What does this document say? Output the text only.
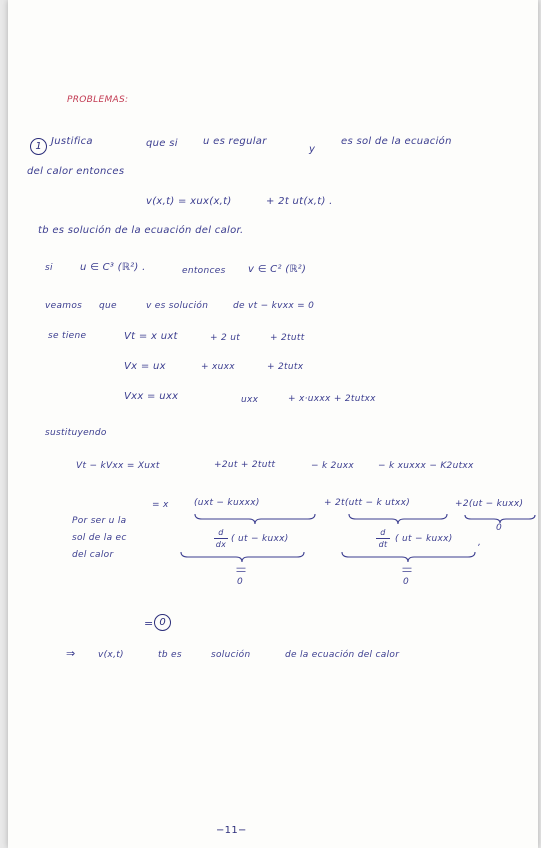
PROBLEMAS:
1 Justifica	que si	u es regular
y
es sol de la ecuación
del calor entonces
v(x,t) = xux(x,t)	+ 2t ut(x,t) .
tb es solución de la ecuación del calor.
si	u ∈ C³ (ℝ²) .	entonces v ∈ C² (ℝ²)
veamos que	v es solución	de vt − kvxx = 0
se tiene	Vt = x uxt	+ 2 ut	+ 2tutt
Vx = ux	+ xuxx	+ 2tutx
Vxx = uxx	uxx	+ x·uxxx + 2tutxx
sustituyendo
Vt − kVxx = Xuxt	+2ut + 2tutt	− k 2uxx	− k xuxxx − K2utxx
= x	(uxt − kuxxx)	+ 2t(utt − k utxx)	+2(ut − kuxx)
0
Por ser u la
sol de la ec
del calor
d
dx
( ut − kuxx)
d
dt
( ut − kuxx)	,
||
0
||
0
= 0
⇒ v(x,t)	tb es	solución	de la ecuación del calor
−11−
